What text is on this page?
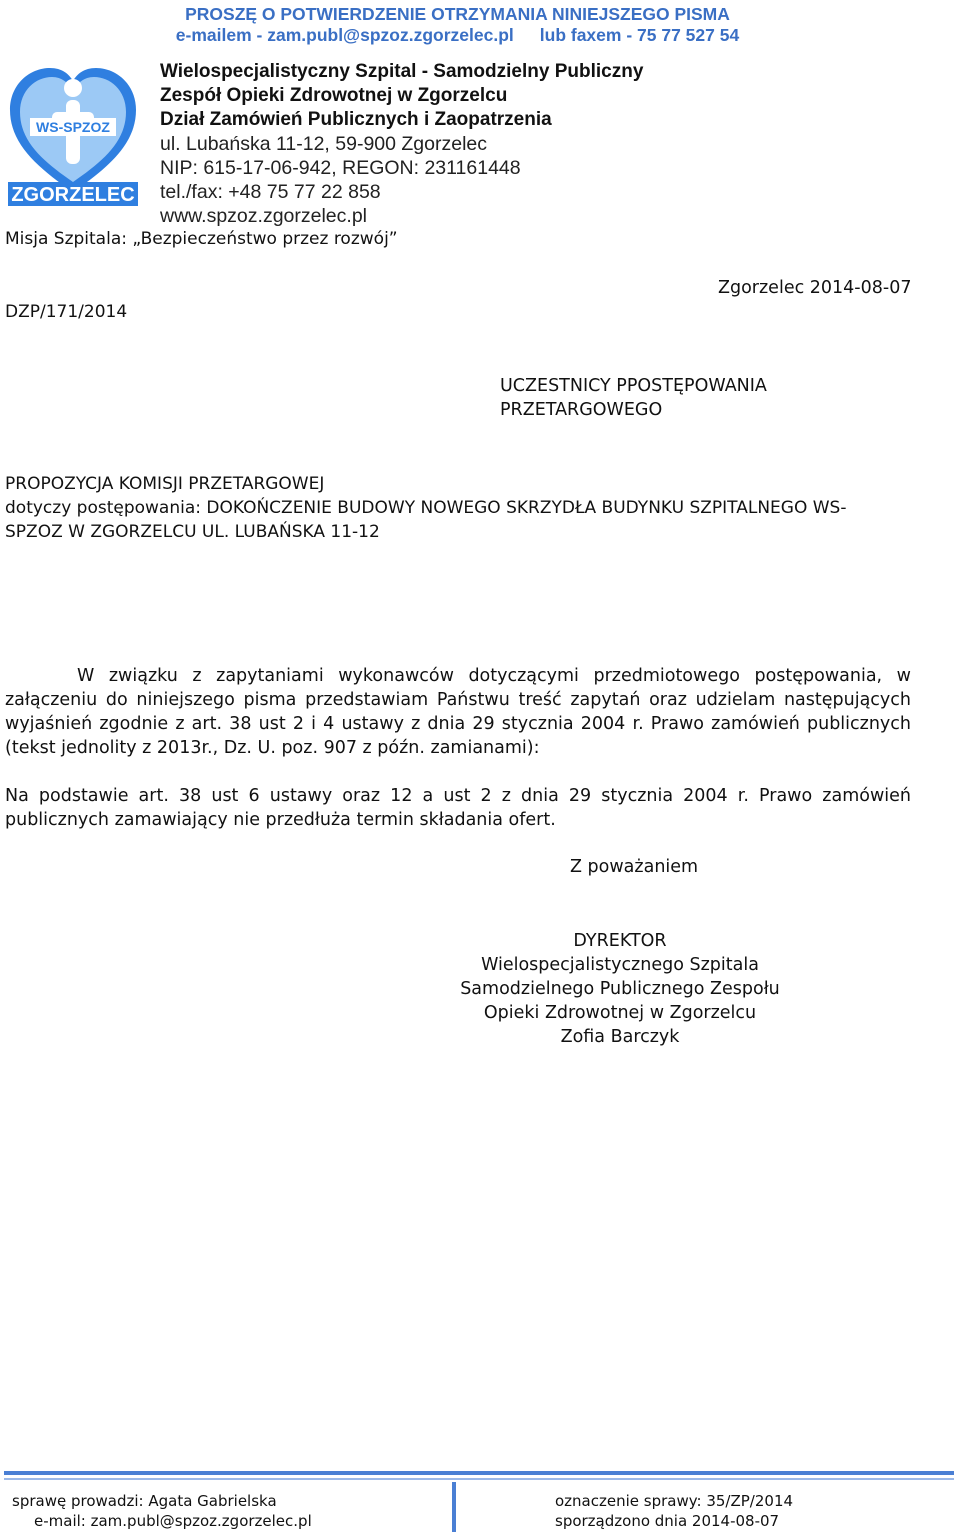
PROSZĘ O POTWIERDZENIE OTRZYMANIA NINIEJSZEGO PISMA
e-mailem - zam.publ@spzoz.zgorzelec.pl lub faxem - 75 77 527 54
WS-SPZOZ
ZGORZELEC
Wielospecjalistyczny Szpital - Samodzielny Publiczny
Zespół Opieki Zdrowotnej w Zgorzelcu
Dział Zamówień Publicznych i Zaopatrzenia
ul. Lubańska 11-12, 59-900 Zgorzelec
NIP: 615-17-06-942, REGON: 231161448
tel./fax: +48 75 77 22 858
www.spzoz.zgorzelec.pl
Misja Szpitala: „Bezpieczeństwo przez rozwój”
Zgorzelec 2014-08-07
DZP/171/2014
UCZESTNICY PPOSTĘPOWANIA
PRZETARGOWEGO
PROPOZYCJA KOMISJI PRZETARGOWEJ
dotyczy postępowania: DOKOŃCZENIE BUDOWY NOWEGO SKRZYDŁA BUDYNKU SZPITALNEGO WS-
SPZOZ W ZGORZELCU UL. LUBAŃSKA 11-12
W związku z zapytaniami wykonawców dotyczącymi przedmiotowego postępowania, w załączeniu do niniejszego pisma przedstawiam Państwu treść zapytań oraz udzielam następujących wyjaśnień zgodnie z art. 38 ust 2 i 4 ustawy z dnia 29 stycznia 2004 r. Prawo zamówień publicznych (tekst jednolity z 2013r., Dz. U. poz. 907 z późn. zamianami):
Na podstawie art. 38 ust 6 ustawy oraz 12 a ust 2 z dnia 29 stycznia 2004 r. Prawo zamówień publicznych zamawiający nie przedłuża termin składania ofert.
Z poważaniem
DYREKTOR
Wielospecjalistycznego Szpitala
Samodzielnego Publicznego Zespołu
Opieki Zdrowotnej w Zgorzelcu
Zofia Barczyk
sprawę prowadzi: Agata Gabrielska
e-mail: zam.publ@spzoz.zgorzelec.pl
oznaczenie sprawy: 35/ZP/2014
sporządzono dnia 2014-08-07
